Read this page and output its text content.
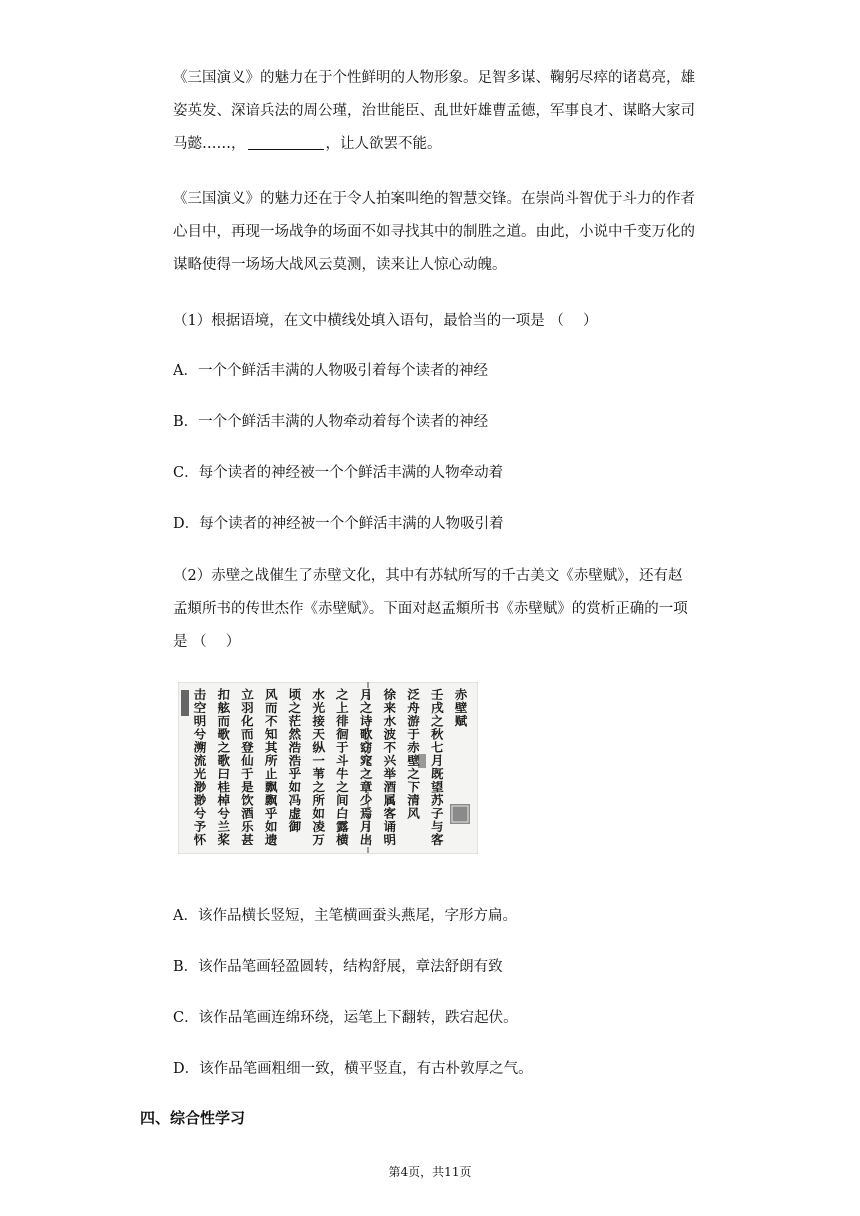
《三国演义》的魅力在于个性鲜明的人物形象。足智多谋、鞠躬尽瘁的诸葛亮，雄

姿英发、深谙兵法的周公瑾，治世能臣、乱世奸雄曹孟德，军事良才、谋略大家司

马懿……，	，让人欲罢不能。

《三国演义》的魅力还在于令人拍案叫绝的智慧交锋。在崇尚斗智优于斗力的作者

心目中，再现一场战争的场面不如寻找其中的制胜之道。由此，小说中千变万化的

谋略使得一场场大战风云莫测，读来让人惊心动魄。

（1）根据语境，在文中横线处填入语句，最恰当的一项是 （　 ）
A．一个个鲜活丰满的人物吸引着每个读者的神经
B．一个个鲜活丰满的人物牵动着每个读者的神经
C．每个读者的神经被一个个鲜活丰满的人物牵动着
D．每个读者的神经被一个个鲜活丰满的人物吸引着

（2）赤壁之战催生了赤壁文化，其中有苏轼所写的千古美文《赤壁赋》，还有赵

孟頫所书的传世杰作《赤壁赋》。下面对赵孟頫所书《赤壁赋》的赏析正确的一项

是 （　 ）

赤
壁
赋
壬
戌
之
秋
七
月
既
望
苏
子
与
客
泛
舟
游
于
赤
壁
之
下
清
风
徐
来
水
波
不
兴
举
酒
属
客
诵
明
月
之
诗
歌
窈
窕
之
章
少
焉
月
出
之
上
徘
徊
于
斗
牛
之
间
白
露
横
水
光
接
天
纵
一
苇
之
所
如
凌
万
顷
之
茫
然
浩
浩
乎
如
冯
虚
御
风
而
不
知
其
所
止
飘
飘
乎
如
遗
立
羽
化
而
登
仙
于
是
饮
酒
乐
甚
扣
舷
而
歌
之
歌
曰
桂
棹
兮
兰
桨
击
空
明
兮
溯
流
光
渺
渺
兮
予
怀
A．该作品横长竖短，主笔横画蚕头燕尾，字形方扁。
B．该作品笔画轻盈圆转，结构舒展，章法舒朗有致
C．该作品笔画连绵环绕，运笔上下翻转，跌宕起伏。
D．该作品笔画粗细一致，横平竖直，有古朴敦厚之气。
四、综合性学习
第4页，共11页
